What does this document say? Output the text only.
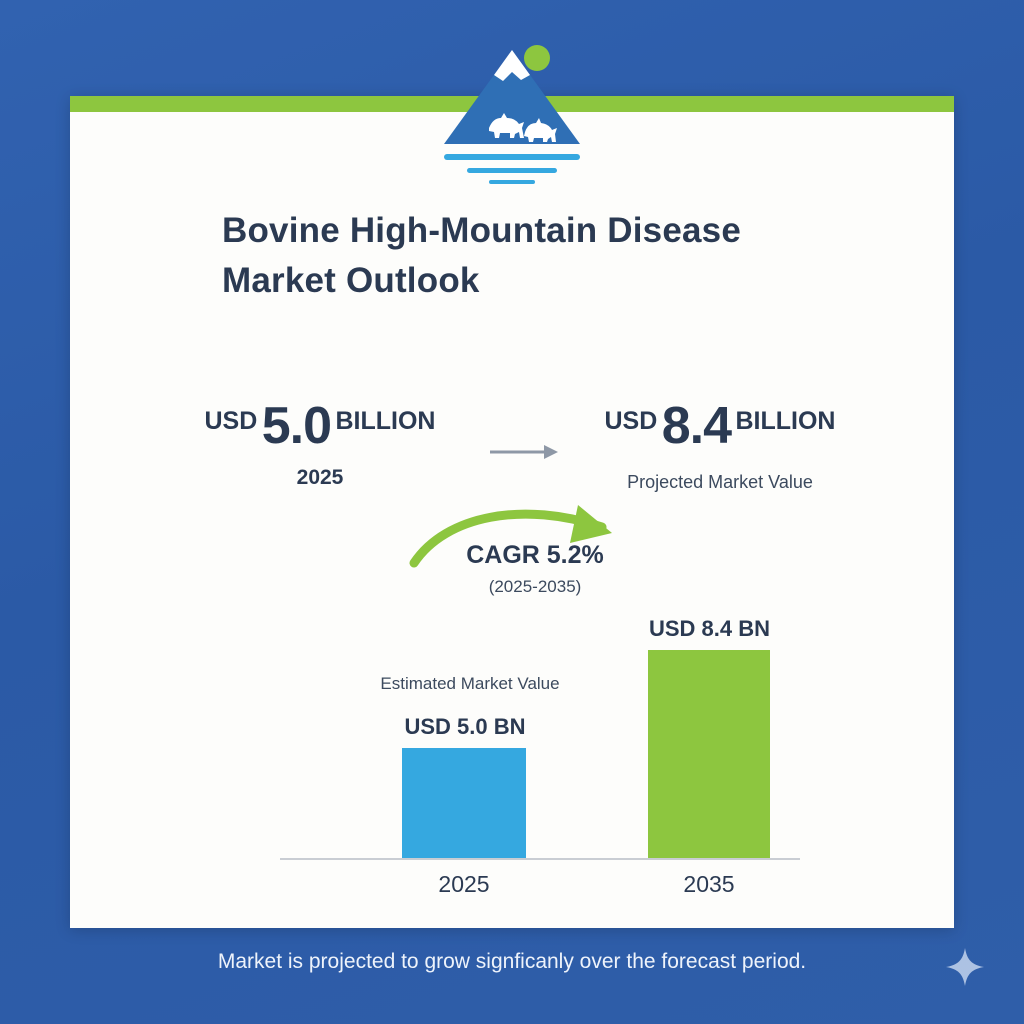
Bovine High-Mountain Disease Market Outlook
USD 5.0 BILLION
2025
USD 8.4 BILLION
Projected Market Value
CAGR 5.2%
(2025-2035)
Estimated Market Value
USD 5.0 BN
2025
USD 8.4 BN
2035
Market is projected to grow signficanly over the forecast period.
